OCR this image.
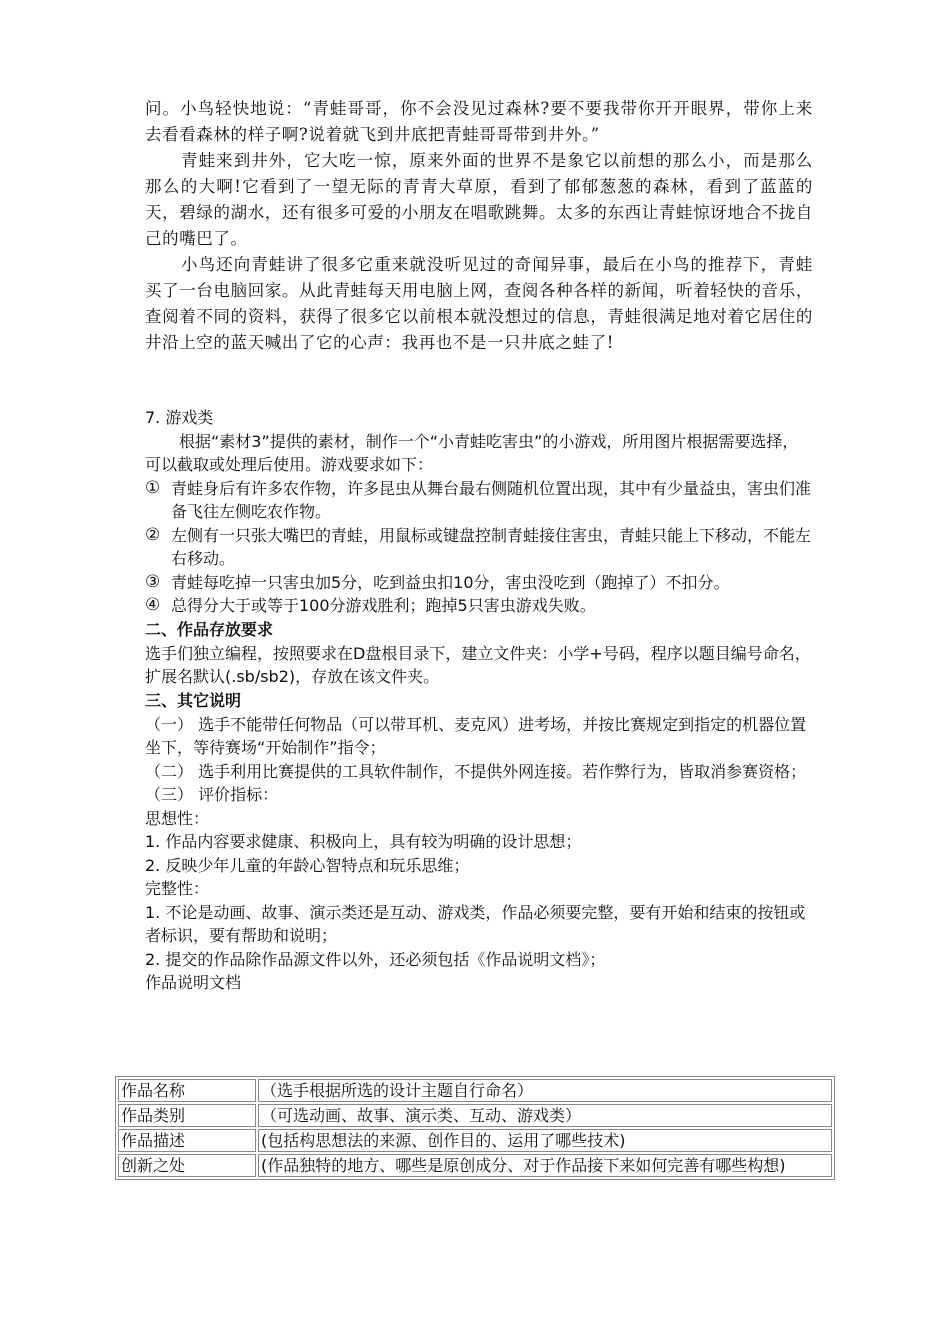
问。小鸟轻快地说：“青蛙哥哥，你不会没见过森林?要不要我带你开开眼界，带你上来去看看森林的样子啊?说着就飞到井底把青蛙哥哥带到井外。”

青蛙来到井外，它大吃一惊，原来外面的世界不是象它以前想的那么小，而是那么那么的大啊!它看到了一望无际的青青大草原，看到了郁郁葱葱的森林，看到了蓝蓝的天，碧绿的湖水，还有很多可爱的小朋友在唱歌跳舞。太多的东西让青蛙惊讶地合不拢自己的嘴巴了。

小鸟还向青蛙讲了很多它重来就没听见过的奇闻异事，最后在小鸟的推荐下，青蛙买了一台电脑回家。从此青蛙每天用电脑上网，查阅各种各样的新闻，听着轻快的音乐，查阅着不同的资料，获得了很多它以前根本就没想过的信息，青蛙很满足地对着它居住的井沿上空的蓝天喊出了它的心声：我再也不是一只井底之蛙了!

7. 游戏类

根据“素材3”提供的素材，制作一个“小青蛙吃害虫”的小游戏，所用图片根据需要选择，可以截取或处理后使用。游戏要求如下：

① 青蛙身后有许多农作物，许多昆虫从舞台最右侧随机位置出现，其中有少量益虫，害虫们准备飞往左侧吃农作物。
② 左侧有一只张大嘴巴的青蛙，用鼠标或键盘控制青蛙接住害虫，青蛙只能上下移动，不能左右移动。
③ 青蛙每吃掉一只害虫加5分，吃到益虫扣10分，害虫没吃到（跑掉了）不扣分。
④ 总得分大于或等于100分游戏胜利；跑掉5只害虫游戏失败。
二、作品存放要求

选手们独立编程，按照要求在D盘根目录下，建立文件夹：小学+号码，程序以题目编号命名，扩展名默认(.sb/sb2)，存放在该文件夹。

三、其它说明

（一） 选手不能带任何物品（可以带耳机、麦克风）进考场，并按比赛规定到指定的机器位置坐下，等待赛场“开始制作”指令；

（二） 选手利用比赛提供的工具软件制作，不提供外网连接。若作弊行为，皆取消参赛资格；

（三） 评价指标：

思想性：

1. 作品内容要求健康、积极向上，具有较为明确的设计思想；

2. 反映少年儿童的年龄心智特点和玩乐思维；

完整性：

1. 不论是动画、故事、演示类还是互动、游戏类，作品必须要完整，要有开始和结束的按钮或者标识，要有帮助和说明；

2. 提交的作品除作品源文件以外，还必须包括《作品说明文档》；

作品说明文档

作品名称	（选手根据所选的设计主题自行命名）
作品类别	（可选动画、故事、演示类、互动、游戏类）
作品描述	(包括构思想法的来源、创作目的、运用了哪些技术)
创新之处	(作品独特的地方、哪些是原创成分、对于作品接下来如何完善有哪些构想)
